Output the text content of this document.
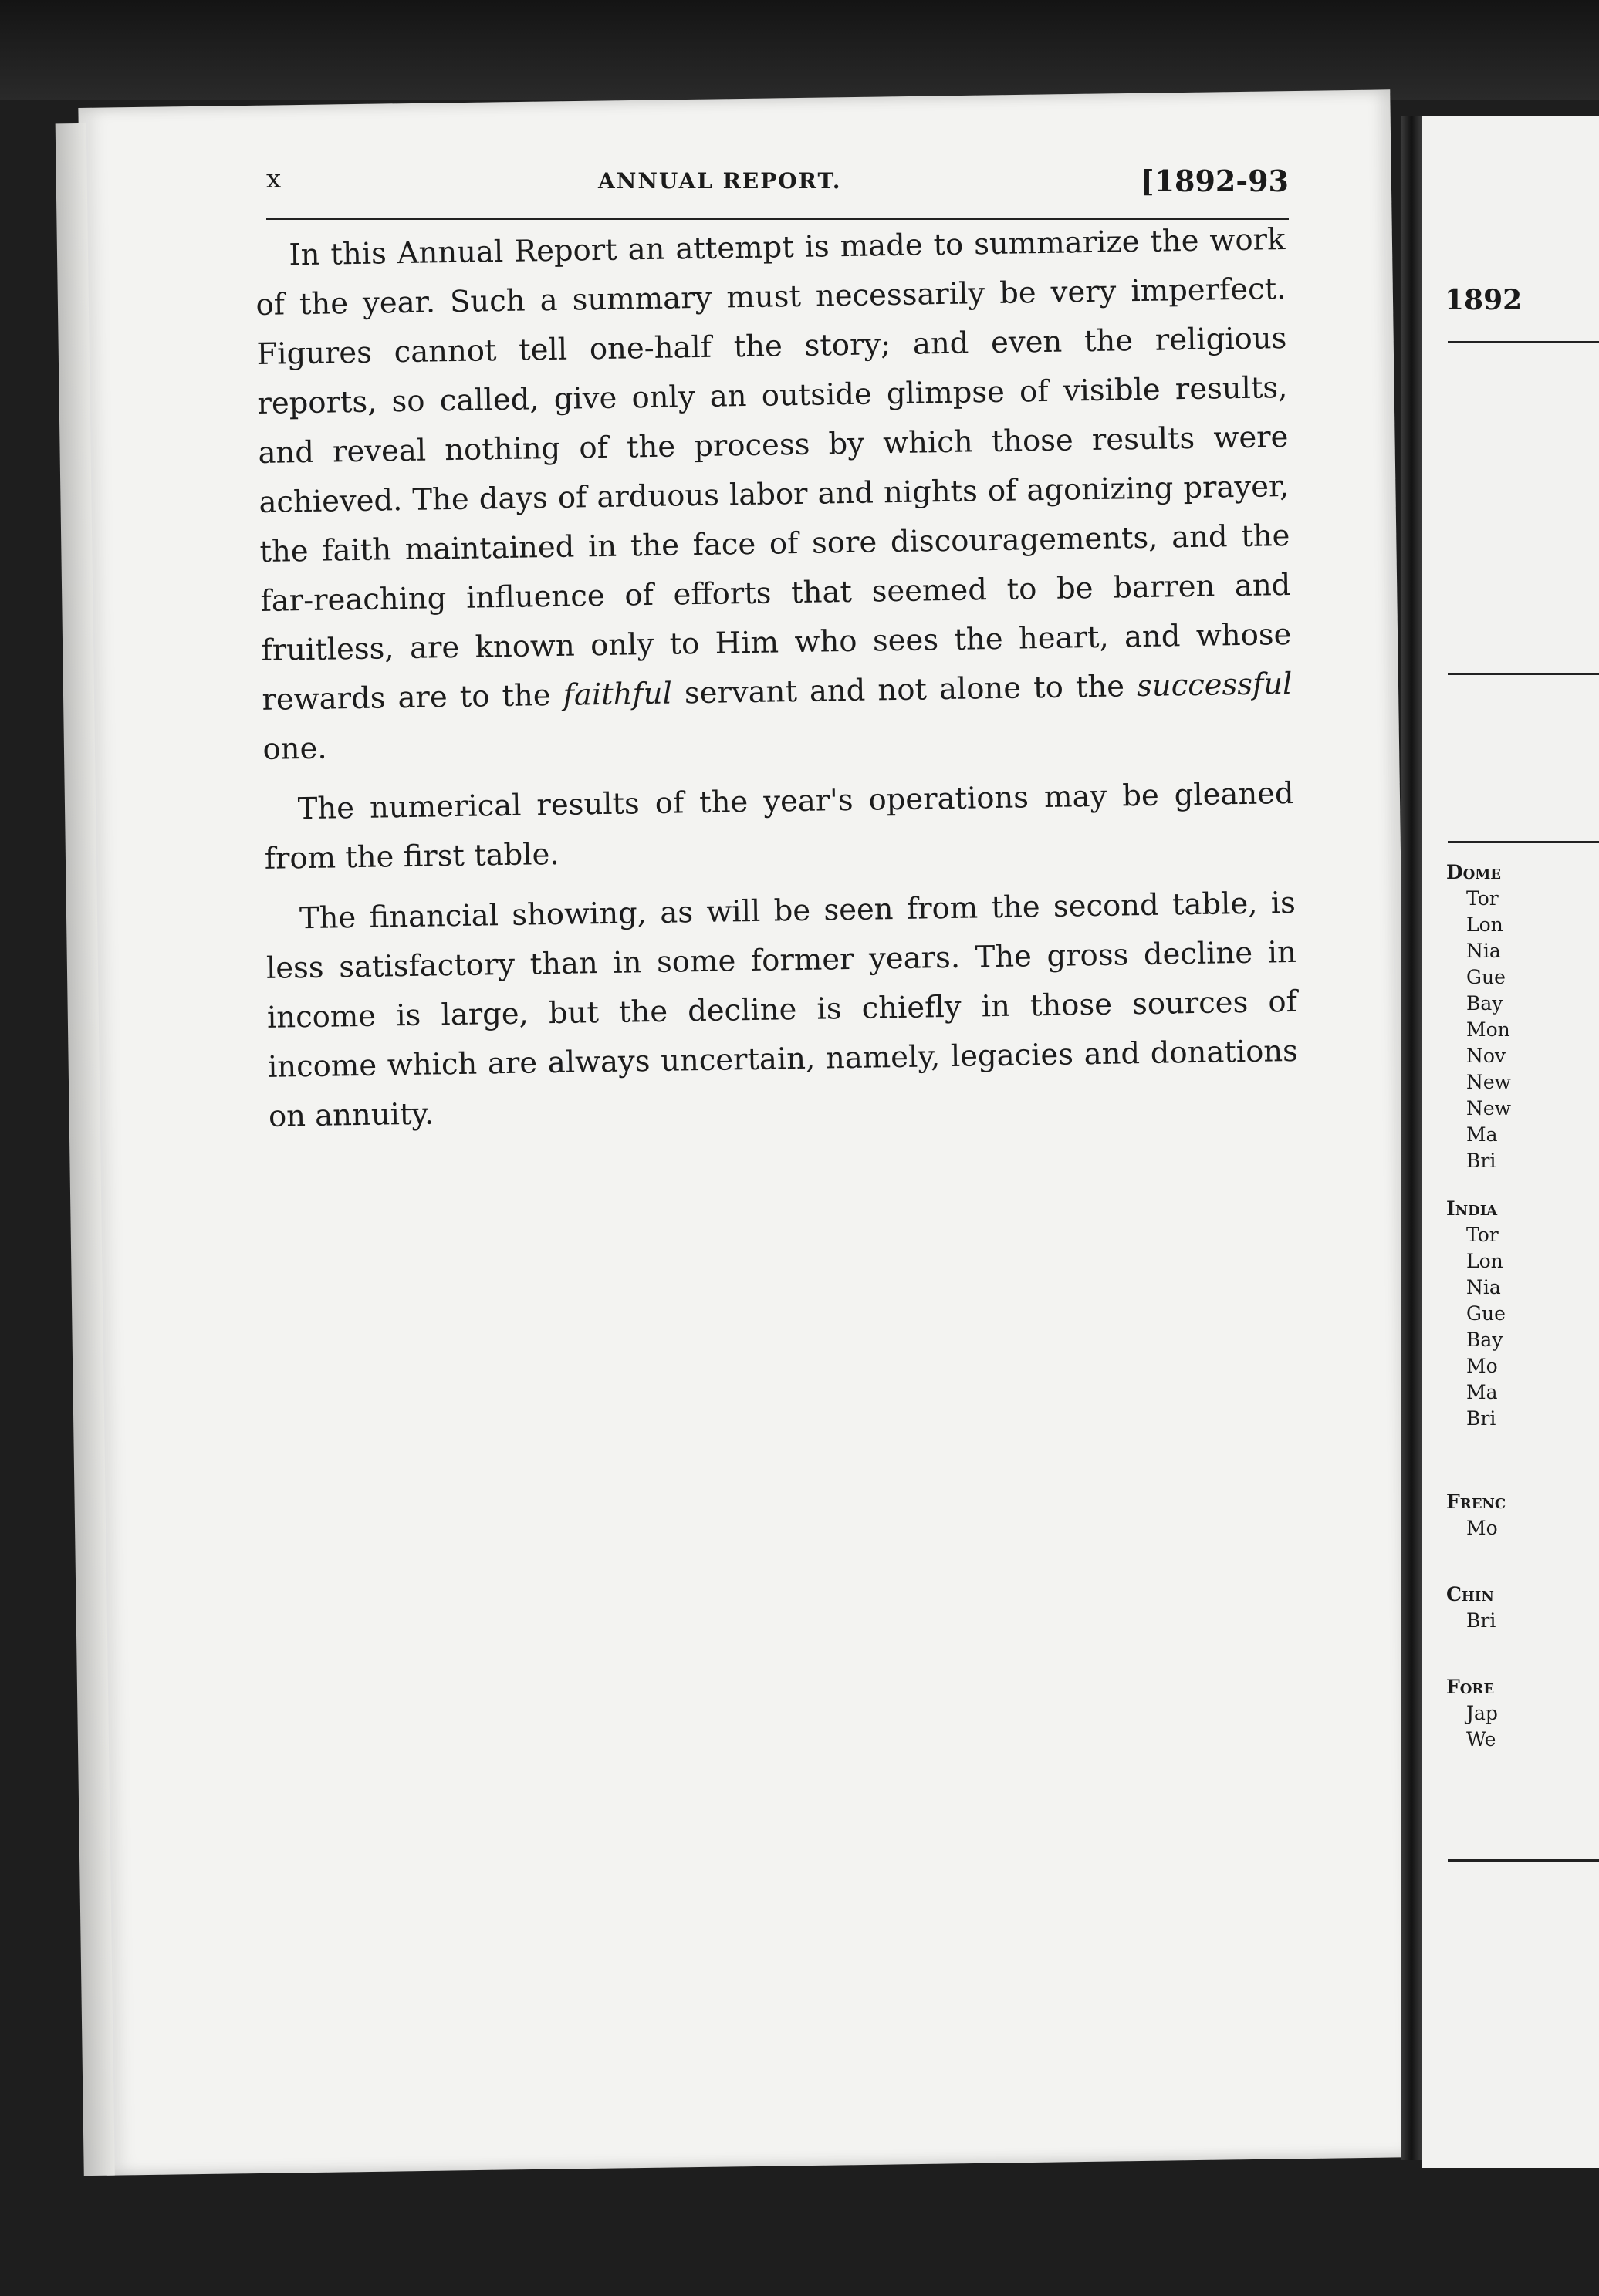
x	ANNUAL REPORT.	[1892-93

In this Annual Report an attempt is made to summarize the work of the year. Such a summary must necessarily be very imperfect. Figures cannot tell one-half the story; and even the religious reports, so called, give only an outside glimpse of visible results, and reveal nothing of the process by which those results were achieved. The days of arduous labor and nights of agonizing prayer, the faith maintained in the face of sore discouragements, and the far-reaching influence of efforts that seemed to be barren and fruitless, are known only to Him who sees the heart, and whose rewards are to the faithful servant and not alone to the successful one.

The numerical results of the year's operations may be gleaned from the first table.

The financial showing, as will be seen from the second table, is less satisfactory than in some former years. The gross decline in income is large, but the decline is chiefly in those sources of income which are always uncertain, namely, legacies and donations on annuity.

1892
Dome
Tor
Lon
Nia
Gue
Bay
Mon
Nov
New
New
Ma
Bri
India
Tor
Lon
Nia
Gue
Bay
Mo
Ma
Bri
Frenc
Mo
Chin
Bri
Fore
Jap
We
